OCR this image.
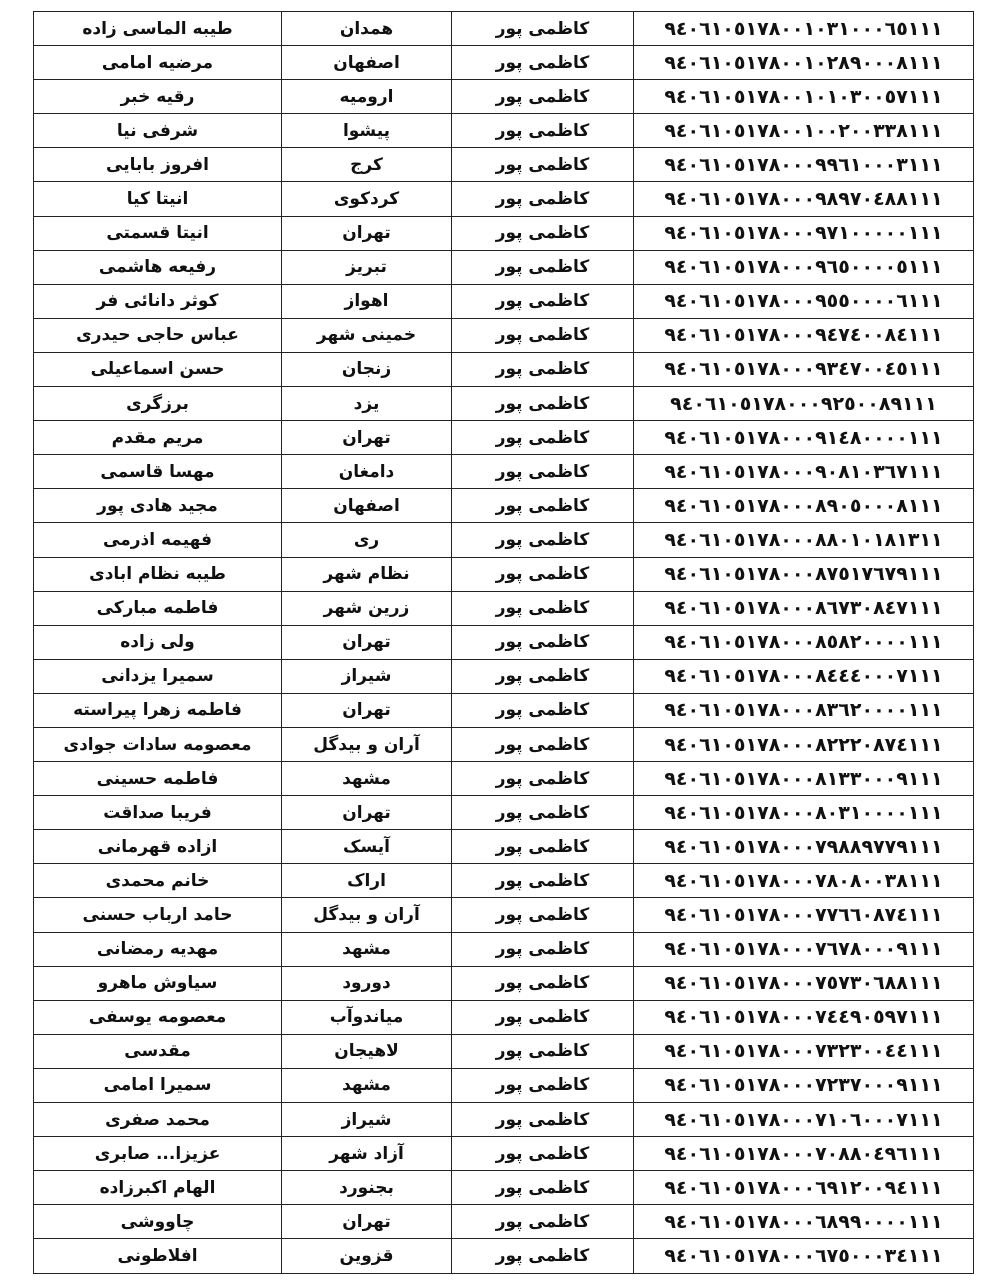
طیبه الماسی زاده	همدان	کاظمی پور	۹٤٠٦١٠٥١٧٨٠٠١٠٣١٠٠٠٦٥١١١
مرضیه امامی	اصفهان	کاظمی پور	۹٤٠٦١٠٥١٧٨٠٠١٠٢٨٩٠٠٠٨١١١
رقیه خبر	ارومیه	کاظمی پور	۹٤٠٦١٠٥١٧٨٠٠١٠١٠٣٠٠٥٧١١١
شرفی نیا	پیشوا	کاظمی پور	۹٤٠٦١٠٥١٧٨٠٠١٠٠٢٠٠٣٣٨١١١
افروز بابایی	کرج	کاظمی پور	۹٤٠٦١٠٥١٧٨٠٠٠۹۹٦١٠٠٠٣١١١
انیتا کیا	کردکوی	کاظمی پور	۹٤٠٦١٠٥١٧٨٠٠٠۹٨۹٧٠٤٨٨١١١
انیتا قسمتی	تهران	کاظمی پور	۹٤٠٦١٠٥١٧٨٠٠٠۹٧١٠٠٠٠٠١١١
رفیعه هاشمی	تبریز	کاظمی پور	۹٤٠٦١٠٥١٧٨٠٠٠۹٦٥٠٠٠٠٥١١١
کوثر دانائی فر	اهواز	کاظمی پور	۹٤٠٦١٠٥١٧٨٠٠٠۹٥٥٠٠٠٠٦١١١
عباس حاجی حیدری	خمینی شهر	کاظمی پور	۹٤٠٦١٠٥١٧٨٠٠٠۹٤٧٤٠٠٨٤١١١
حسن اسماعیلی	زنجان	کاظمی پور	۹٤٠٦١٠٥١٧٨٠٠٠۹٣٤٧٠٠٤٥١١١
برزگری	یزد	کاظمی پور	۹٤٠٦١٠٥١٧٨٠٠٠۹٢٥٠٠٨۹١١١
مریم مقدم	تهران	کاظمی پور	۹٤٠٦١٠٥١٧٨٠٠٠۹١٤٨٠٠٠٠١١١
مهسا قاسمی	دامغان	کاظمی پور	۹٤٠٦١٠٥١٧٨٠٠٠۹٠٨١٠٣٦٧١١١
مجید هادی پور	اصفهان	کاظمی پور	۹٤٠٦١٠٥١٧٨٠٠٠٨۹٠٥٠٠٠٨١١١
فهیمه اذرمی	ری	کاظمی پور	۹٤٠٦١٠٥١٧٨٠٠٠٨٨٠١٠١٨١٣١١
طیبه نظام ابادی	نظام شهر	کاظمی پور	۹٤٠٦١٠٥١٧٨٠٠٠٨٧٥١٧٦٧۹١١١
فاطمه مبارکی	زرین شهر	کاظمی پور	۹٤٠٦١٠٥١٧٨٠٠٠٨٦٧٣٠٨٤٧١١١
ولی زاده	تهران	کاظمی پور	۹٤٠٦١٠٥١٧٨٠٠٠٨٥٨٢٠٠٠٠١١١
سمیرا یزدانی	شیراز	کاظمی پور	۹٤٠٦١٠٥١٧٨٠٠٠٨٤٤٤٠٠٠٧١١١
فاطمه زهرا پیراسته	تهران	کاظمی پور	۹٤٠٦١٠٥١٧٨٠٠٠٨٣٦٢٠٠٠٠١١١
معصومه سادات جوادی	آران و بیدگل	کاظمی پور	۹٤٠٦١٠٥١٧٨٠٠٠٨٢٢٢٠٨٧٤١١١
فاطمه حسینی	مشهد	کاظمی پور	۹٤٠٦١٠٥١٧٨٠٠٠٨١٣٣٠٠٠۹١١١
فریبا صداقت	تهران	کاظمی پور	۹٤٠٦١٠٥١٧٨٠٠٠٨٠٣١٠٠٠٠١١١
ازاده قهرمانی	آیسک	کاظمی پور	۹٤٠٦١٠٥١٧٨٠٠٠٧۹٨٨۹٧٧۹١١١
خانم محمدی	اراک	کاظمی پور	۹٤٠٦١٠٥١٧٨٠٠٠٧٨٠٨٠٠٣٨١١١
حامد ارباب حسنی	آران و بیدگل	کاظمی پور	۹٤٠٦١٠٥١٧٨٠٠٠٧٧٦٦٠٨٧٤١١١
مهدیه رمضانی	مشهد	کاظمی پور	۹٤٠٦١٠٥١٧٨٠٠٠٧٦٧٨٠٠٠۹١١١
سیاوش ماهرو	دورود	کاظمی پور	۹٤٠٦١٠٥١٧٨٠٠٠٧٥٧٣٠٦٨٨١١١
معصومه یوسفی	میاندوآب	کاظمی پور	۹٤٠٦١٠٥١٧٨٠٠٠٧٤٤۹٠٥۹٧١١١
مقدسی	لاهیجان	کاظمی پور	۹٤٠٦١٠٥١٧٨٠٠٠٧٣٢٣٠٠٤٤١١١
سمیرا امامی	مشهد	کاظمی پور	۹٤٠٦١٠٥١٧٨٠٠٠٧٢٣٧٠٠٠۹١١١
محمد صفری	شیراز	کاظمی پور	۹٤٠٦١٠٥١٧٨٠٠٠٧١٠٦٠٠٠٧١١١
عزیزا... صابری	آزاد شهر	کاظمی پور	۹٤٠٦١٠٥١٧٨٠٠٠٧٠٨٨٠٤۹٦١١١
الهام اکبرزاده	بجنورد	کاظمی پور	۹٤٠٦١٠٥١٧٨٠٠٠٦۹١٢٠٠۹٤١١١
چاووشی	تهران	کاظمی پور	۹٤٠٦١٠٥١٧٨٠٠٠٦٨۹۹٠٠٠٠١١١
افلاطونی	قزوین	کاظمی پور	۹٤٠٦١٠٥١٧٨٠٠٠٦٧٥٠٠٠٣٤١١١
